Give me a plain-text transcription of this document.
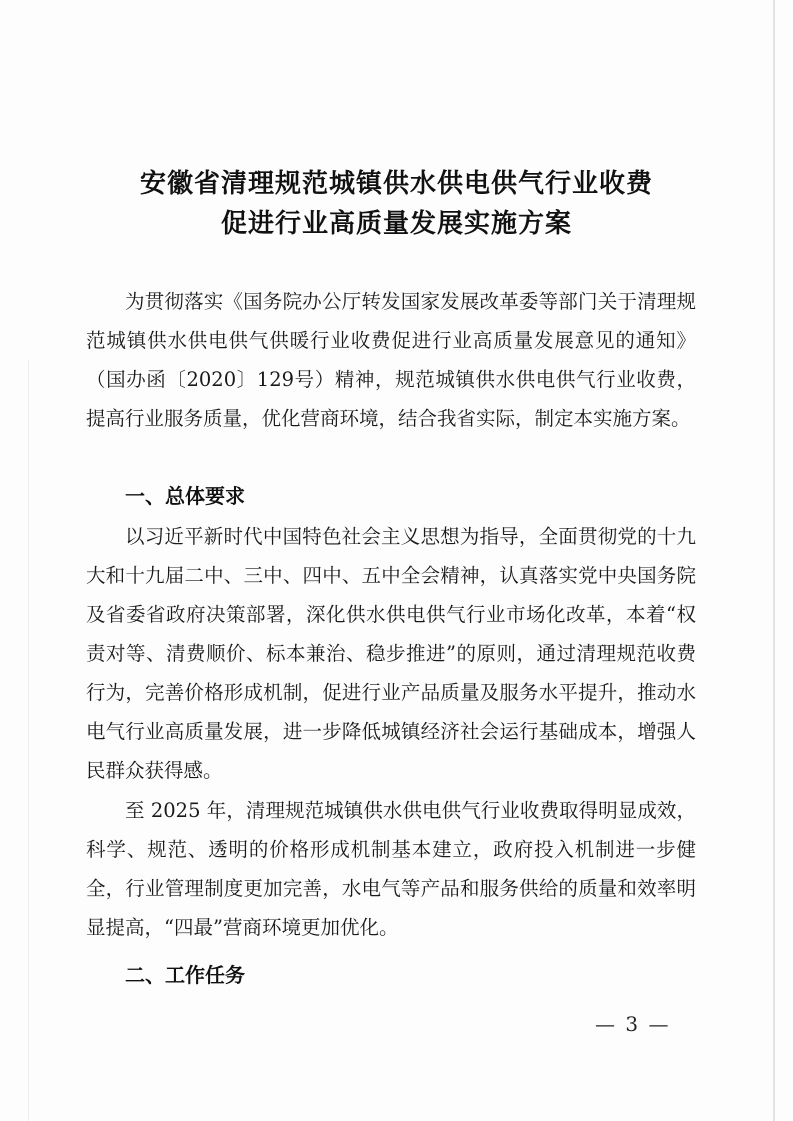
安徽省清理规范城镇供水供电供气行业收费
促进行业高质量发展实施方案

为贯彻落实《国务院办公厅转发国家发展改革委等部门关于清理规范城镇供水供电供气供暖行业收费促进行业高质量发展意见的通知》（国办函〔2020〕129号）精神，规范城镇供水供电供气行业收费，提高行业服务质量，优化营商环境，结合我省实际，制定本实施方案。

一、总体要求

以习近平新时代中国特色社会主义思想为指导，全面贯彻党的十九大和十九届二中、三中、四中、五中全会精神，认真落实党中央国务院及省委省政府决策部署，深化供水供电供气行业市场化改革，本着“权责对等、清费顺价、标本兼治、稳步推进”的原则，通过清理规范收费行为，完善价格形成机制，促进行业产品质量及服务水平提升，推动水电气行业高质量发展，进一步降低城镇经济社会运行基础成本，增强人民群众获得感。

至 2025 年，清理规范城镇供水供电供气行业收费取得明显成效，科学、规范、透明的价格形成机制基本建立，政府投入机制进一步健全，行业管理制度更加完善，水电气等产品和服务供给的质量和效率明显提高，“四最”营商环境更加优化。

二、工作任务
— 3 —
